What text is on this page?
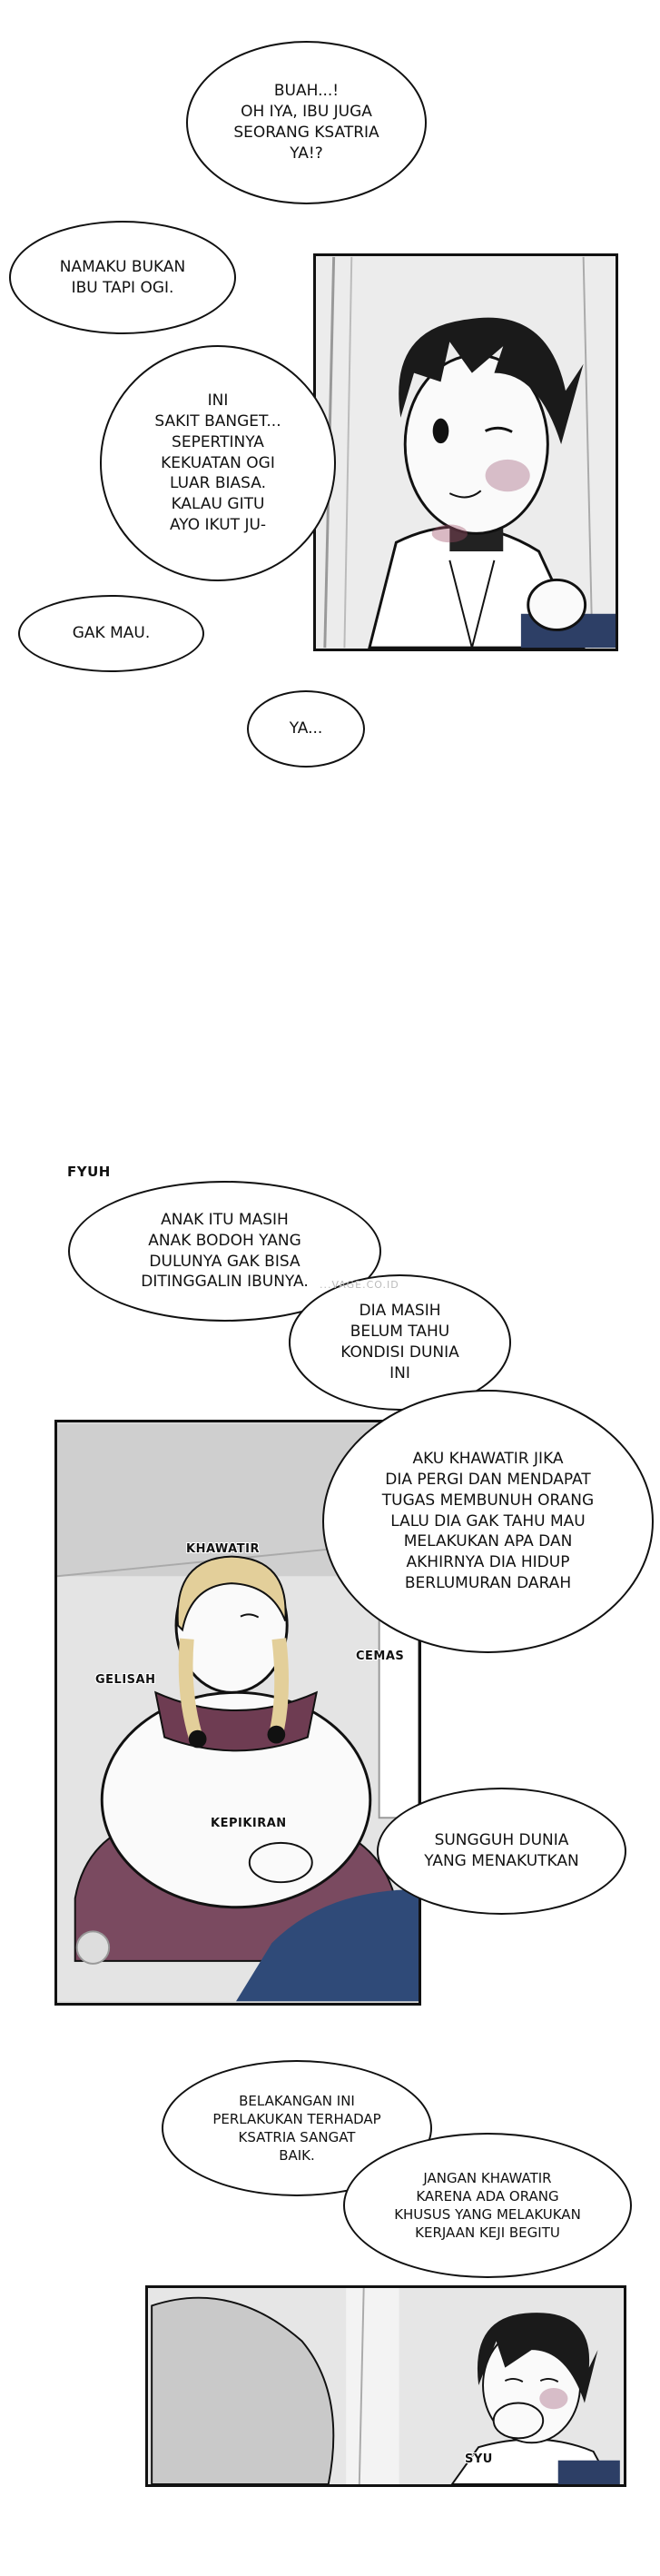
BUAH...!
OH IYA, IBU JUGA
SEORANG KSATRIA
YA!?
NAMAKU BUKAN
IBU TAPI OGI.
INI
SAKIT BANGET...
SEPERTINYA
KEKUATAN OGI
LUAR BIASA.
KALAU GITU
AYO IKUT JU-
GAK MAU.
YA...
ANAK ITU MASIH
ANAK BODOH YANG
DULUNYA GAK BISA
DITINGGALIN IBUNYA.
DIA MASIH
BELUM TAHU
KONDISI DUNIA
INI
AKU KHAWATIR JIKA
DIA PERGI DAN MENDAPAT
TUGAS MEMBUNUH ORANG
LALU DIA GAK TAHU MAU
MELAKUKAN APA DAN
AKHIRNYA DIA HIDUP
BERLUMURAN DARAH
SUNGGUH DUNIA
YANG MENAKUTKAN
BELAKANGAN INI
PERLAKUKAN TERHADAP
KSATRIA SANGAT
BAIK.
JANGAN KHAWATIR
KARENA ADA ORANG
KHUSUS YANG MELAKUKAN
KERJAAN KEJI BEGITU
FYUH
KHAWATIR
GELISAH
CEMAS
KEPIKIRAN
SYU
...VAGE.CO.ID
